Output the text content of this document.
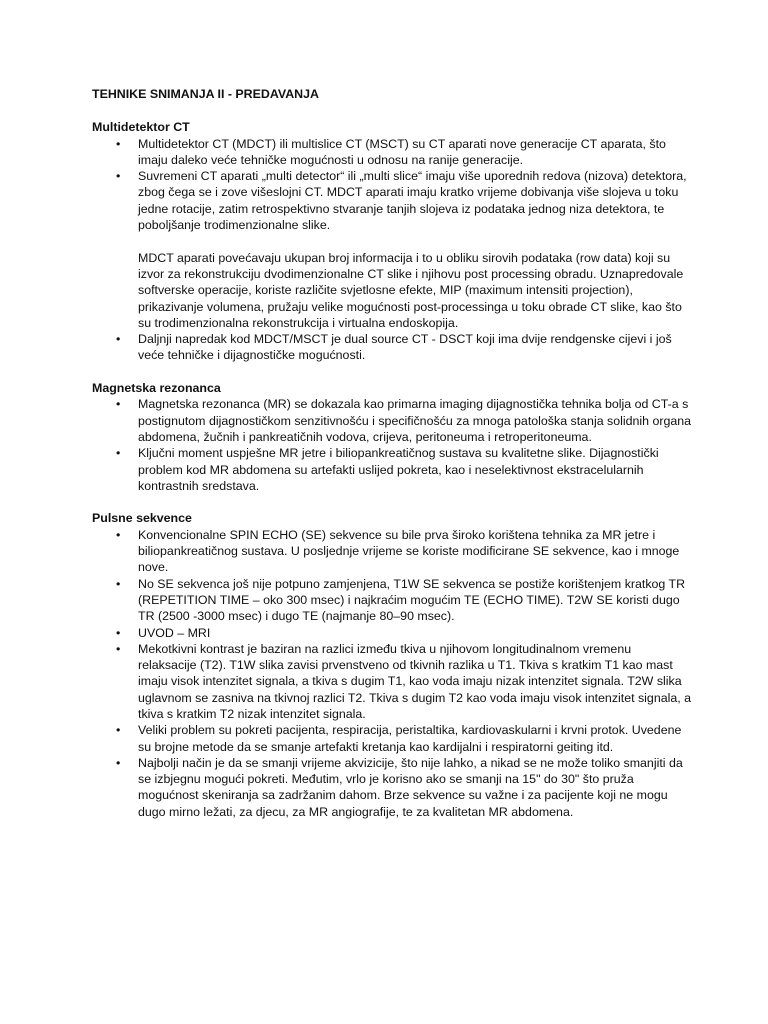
TEHNIKE SNIMANJA II - PREDAVANJA
Multidetektor CT
• Multidetektor CT (MDCT) ili multislice CT (MSCT) su CT aparati nove generacije CT aparata, što imaju daleko veće tehničke mogućnosti u odnosu na ranije generacije.
• Suvremeni CT aparati „multi detector“ ili „multi slice“ imaju više uporednih redova (nizova) detektora, zbog čega se i zove višeslojni CT. MDCT aparati imaju kratko vrijeme dobivanja više slojeva u toku jedne rotacije, zatim retrospektivno stvaranje tanjih slojeva iz podataka jednog niza detektora, te poboljšanje trodimenzionalne slike.
MDCT aparati povećavaju ukupan broj informacija i to u obliku sirovih podataka (row data) koji su izvor za rekonstrukciju dvodimenzionalne CT slike i njihovu post processing obradu. Uznapredovale softverske operacije, koriste različite svjetlosne efekte, MIP (maximum intensiti projection), prikazivanje volumena, pružaju velike mogućnosti post-processinga u toku obrade CT slike, kao što su trodimenzionalna rekonstrukcija i virtualna endoskopija.
• Daljnji napredak kod MDCT/MSCT je dual source CT - DSCT koji ima dvije rendgenske cijevi i još veće tehničke i dijagnostičke mogućnosti.
Magnetska rezonanca
• Magnetska rezonanca (MR) se dokazala kao primarna imaging dijagnostička tehnika bolja od CT-a s postignutom dijagnostičkom senzitivnošću i specifičnošću za mnoga patološka stanja solidnih organa abdomena, žučnih i pankreatičnih vodova, crijeva, peritoneuma i retroperitoneuma.
• Ključni moment uspješne MR jetre i biliopankreatičnog sustava su kvalitetne slike. Dijagnostički problem kod MR abdomena su artefakti uslijed pokreta, kao i neselektivnost ekstracelularnih kontrastnih sredstava.
Pulsne sekvence
• Konvencionalne SPIN ECHO (SE) sekvence su bile prva široko korištena tehnika za MR jetre i biliopankreatičnog sustava. U posljednje vrijeme se koriste modificirane SE sekvence, kao i mnoge nove.
• No SE sekvenca još nije potpuno zamjenjena, T1W SE sekvenca se postiže korištenjem kratkog TR (REPETITION TIME – oko 300 msec) i najkraćim mogućim TE (ECHO TIME). T2W SE koristi dugo TR (2500 -3000 msec) i dugo TE (najmanje 80–90 msec).
• UVOD – MRI
• Mekotkivni kontrast je baziran na razlici između tkiva u njihovom longitudinalnom vremenu relaksacije (T2). T1W slika zavisi prvenstveno od tkivnih razlika u T1. Tkiva s kratkim T1 kao mast imaju visok intenzitet signala, a tkiva s dugim T1, kao voda imaju nizak intenzitet signala. T2W slika uglavnom se zasniva na tkivnoj razlici T2. Tkiva s dugim T2 kao voda imaju visok intenzitet signala, a tkiva s kratkim T2 nizak intenzitet signala.
• Veliki problem su pokreti pacijenta, respiracija, peristaltika, kardiovaskularni i krvni protok. Uvedene su brojne metode da se smanje artefakti kretanja kao kardijalni i respiratorni geiting itd.
• Najbolji način je da se smanji vrijeme akvizicije, što nije lahko, a nikad se ne može toliko smanjiti da se izbjegnu mogući pokreti. Međutim, vrlo je korisno ako se smanji na 15" do 30" što pruža mogućnost skeniranja sa zadržanim dahom. Brze sekvence su važne i za pacijente koji ne mogu dugo mirno ležati, za djecu, za MR angiografije, te za kvalitetan MR abdomena.
